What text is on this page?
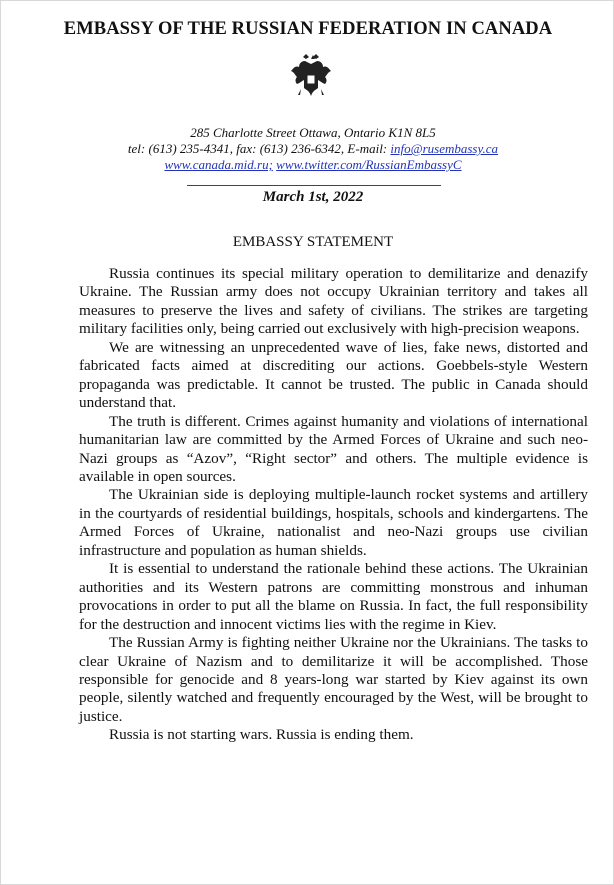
EMBASSY OF THE RUSSIAN FEDERATION IN CANADA
285 Charlotte Street Ottawa, Ontario K1N 8L5
tel: (613) 235-4341, fax: (613) 236-6342, E-mail: info@rusembassy.ca
www.canada.mid.ru; www.twitter.com/RussianEmbassyC
March 1st, 2022
EMBASSY STATEMENT

Russia continues its special military operation to demilitarize and denazify Ukraine. The Russian army does not occupy Ukrainian territory and takes all measures to preserve the lives and safety of civilians. The strikes are targeting military facilities only, being carried out exclusively with high-precision weapons.

We are witnessing an unprecedented wave of lies, fake news, distorted and fabricated facts aimed at discrediting our actions. Goebbels-style Western propaganda was predictable. It cannot be trusted. The public in Canada should understand that.

The truth is different. Crimes against humanity and violations of international humanitarian law are committed by the Armed Forces of Ukraine and such neo-Nazi groups as “Azov”, “Right sector” and others. The multiple evidence is available in open sources.

The Ukrainian side is deploying multiple-launch rocket systems and artillery in the courtyards of residential buildings, hospitals, schools and kindergartens. The Armed Forces of Ukraine, nationalist and neo-Nazi groups use civilian infrastructure and population as human shields.

It is essential to understand the rationale behind these actions. The Ukrainian authorities and its Western patrons are committing monstrous and inhuman provocations in order to put all the blame on Russia. In fact, the full responsibility for the destruction and innocent victims lies with the regime in Kiev.

The Russian Army is fighting neither Ukraine nor the Ukrainians. The tasks to clear Ukraine of Nazism and to demilitarize it will be accomplished. Those responsible for genocide and 8 years-long war started by Kiev against its own people, silently watched and frequently encouraged by the West, will be brought to justice.

Russia is not starting wars. Russia is ending them.
